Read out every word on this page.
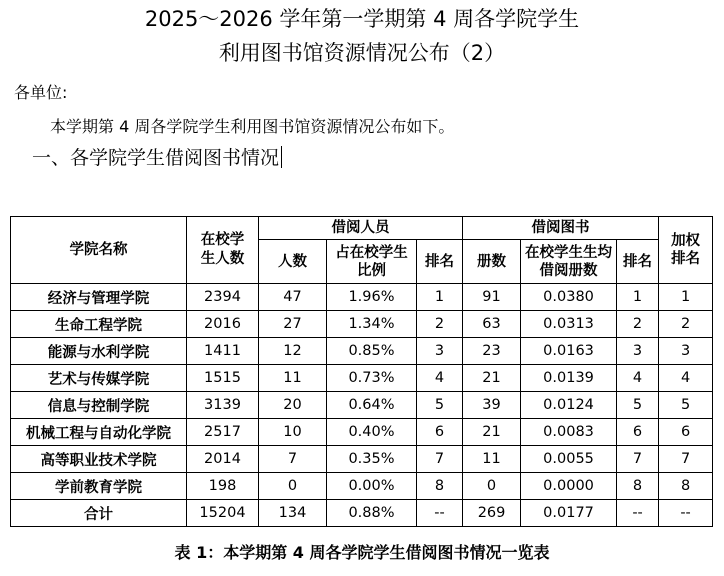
2025～2026 学年第一学期第 4 周各学院学生
利用图书馆资源情况公布（2）
各单位:
本学期第 4 周各学院学生利用图书馆资源情况公布如下。
一、各学院学生借阅图书情况
学院名称	在校学生人数	借阅人员			借阅图书			加权排名

		人数	占在校学生比例	排名	册数	在校学生生均借阅册数	排名	
经济与管理学院	2394	47	1.96%	1	91	0.0380	1	1
生命工程学院	2016	27	1.34%	2	63	0.0313	2	2
能源与水利学院	1411	12	0.85%	3	23	0.0163	3	3
艺术与传媒学院	1515	11	0.73%	4	21	0.0139	4	4
信息与控制学院	3139	20	0.64%	5	39	0.0124	5	5
机械工程与自动化学院	2517	10	0.40%	6	21	0.0083	6	6
高等职业技术学院	2014	7	0.35%	7	11	0.0055	7	7
学前教育学院	198	0	0.00%	8	0	0.0000	8	8
合计	15204	134	0.88%	--	269	0.0177	--	--
表 1：本学期第 4 周各学院学生借阅图书情况一览表
